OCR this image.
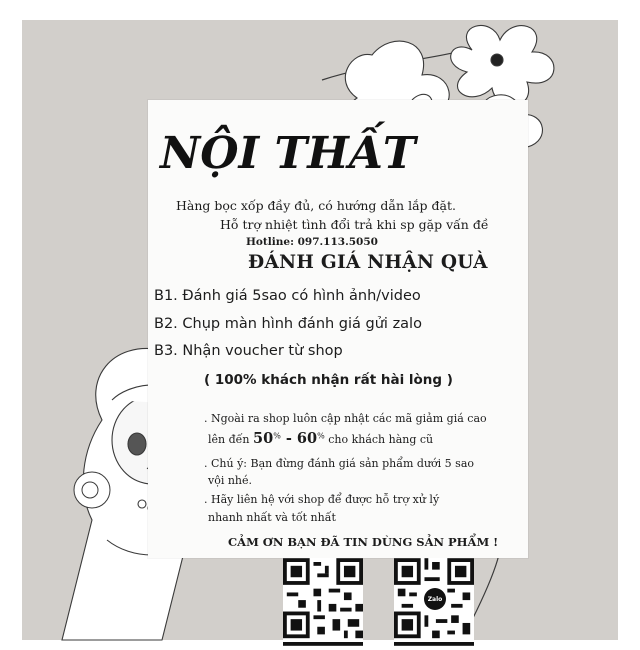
NỘI THẤT
Hàng bọc xốp đầy đủ, có hướng dẫn lắp đặt.
Hỗ trợ nhiệt tình đổi trả khi sp gặp vấn đề
Hotline: 097.113.5050
ĐÁNH GIÁ NHẬN QUÀ
B1. Đánh giá 5sao có hình ảnh/video
B2. Chụp màn hình đánh giá gửi zalo
B3. Nhận voucher từ shop
( 100% khách nhận rất hài lòng )
. Ngoài ra shop luôn cập nhật các mã giảm giá cao
lên đến 50% - 60% cho khách hàng cũ
. Chú ý: Bạn đừng đánh giá sản phẩm dưới 5 sao
vội nhé.
. Hãy liên hệ với shop để được hỗ trợ xử lý
nhanh nhất và tốt nhất
CẢM ƠN BẠN ĐÃ TIN DÙNG SẢN PHẨM !
Zalo
